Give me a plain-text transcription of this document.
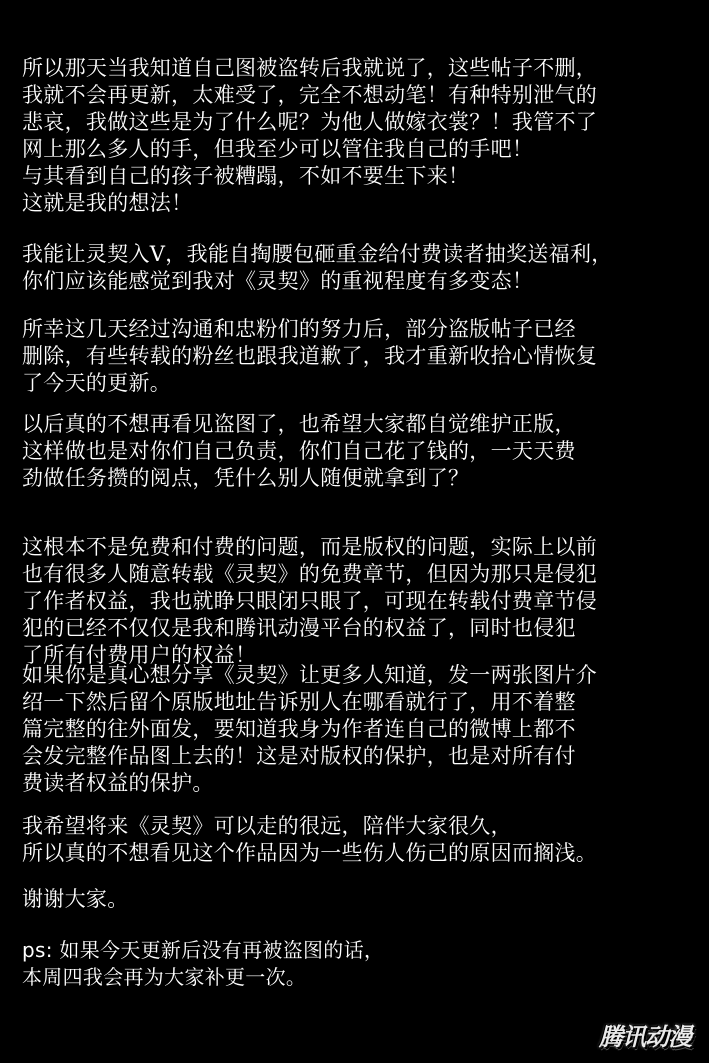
所以那天当我知道自己图被盗转后我就说了，这些帖子不删，
我就不会再更新，太难受了，完全不想动笔！有种特别泄气的
悲哀，我做这些是为了什么呢？为他人做嫁衣裳？！我管不了
网上那么多人的手，但我至少可以管住我自己的手吧！
与其看到自己的孩子被糟蹋，不如不要生下来！
这就是我的想法！
我能让灵契入V，我能自掏腰包砸重金给付费读者抽奖送福利，
你们应该能感觉到我对《灵契》的重视程度有多变态！
所幸这几天经过沟通和忠粉们的努力后，部分盗版帖子已经
删除，有些转载的粉丝也跟我道歉了，我才重新收拾心情恢复
了今天的更新。
以后真的不想再看见盗图了，也希望大家都自觉维护正版，
这样做也是对你们自己负责，你们自己花了钱的，一天天费
劲做任务攒的阅点，凭什么别人随便就拿到了？
这根本不是免费和付费的问题，而是版权的问题，实际上以前
也有很多人随意转载《灵契》的免费章节，但因为那只是侵犯
了作者权益，我也就睁只眼闭只眼了，可现在转载付费章节侵
犯的已经不仅仅是我和腾讯动漫平台的权益了，同时也侵犯
了所有付费用户的权益！
如果你是真心想分享《灵契》让更多人知道，发一两张图片介
绍一下然后留个原版地址告诉别人在哪看就行了，用不着整
篇完整的往外面发，要知道我身为作者连自己的微博上都不
会发完整作品图上去的！这是对版权的保护，也是对所有付
费读者权益的保护。
我希望将来《灵契》可以走的很远，陪伴大家很久，
所以真的不想看见这个作品因为一些伤人伤己的原因而搁浅。
谢谢大家。
ps: 如果今天更新后没有再被盗图的话，
本周四我会再为大家补更一次。
腾讯动漫
